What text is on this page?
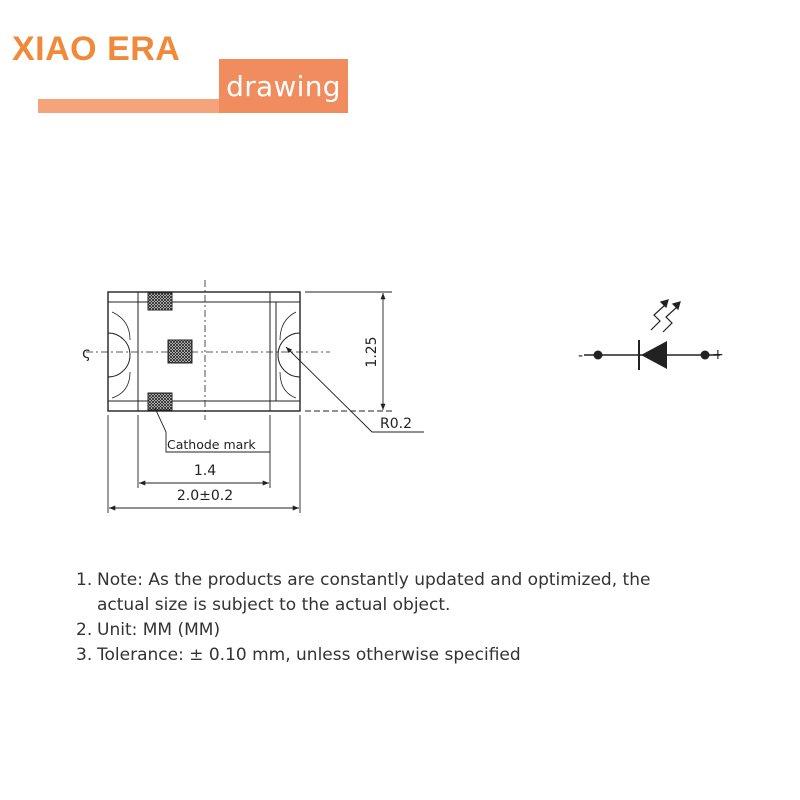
XIAO ERA
drawing
ς
Cathode mark
1.4
2.0±0.2
1.25
R0.2
-	+
1. Note: As the products are constantly updated and optimized, the actual size is subject to the actual object.
2. Unit: MM (MM)
3. Tolerance: ± 0.10 mm, unless otherwise specified
